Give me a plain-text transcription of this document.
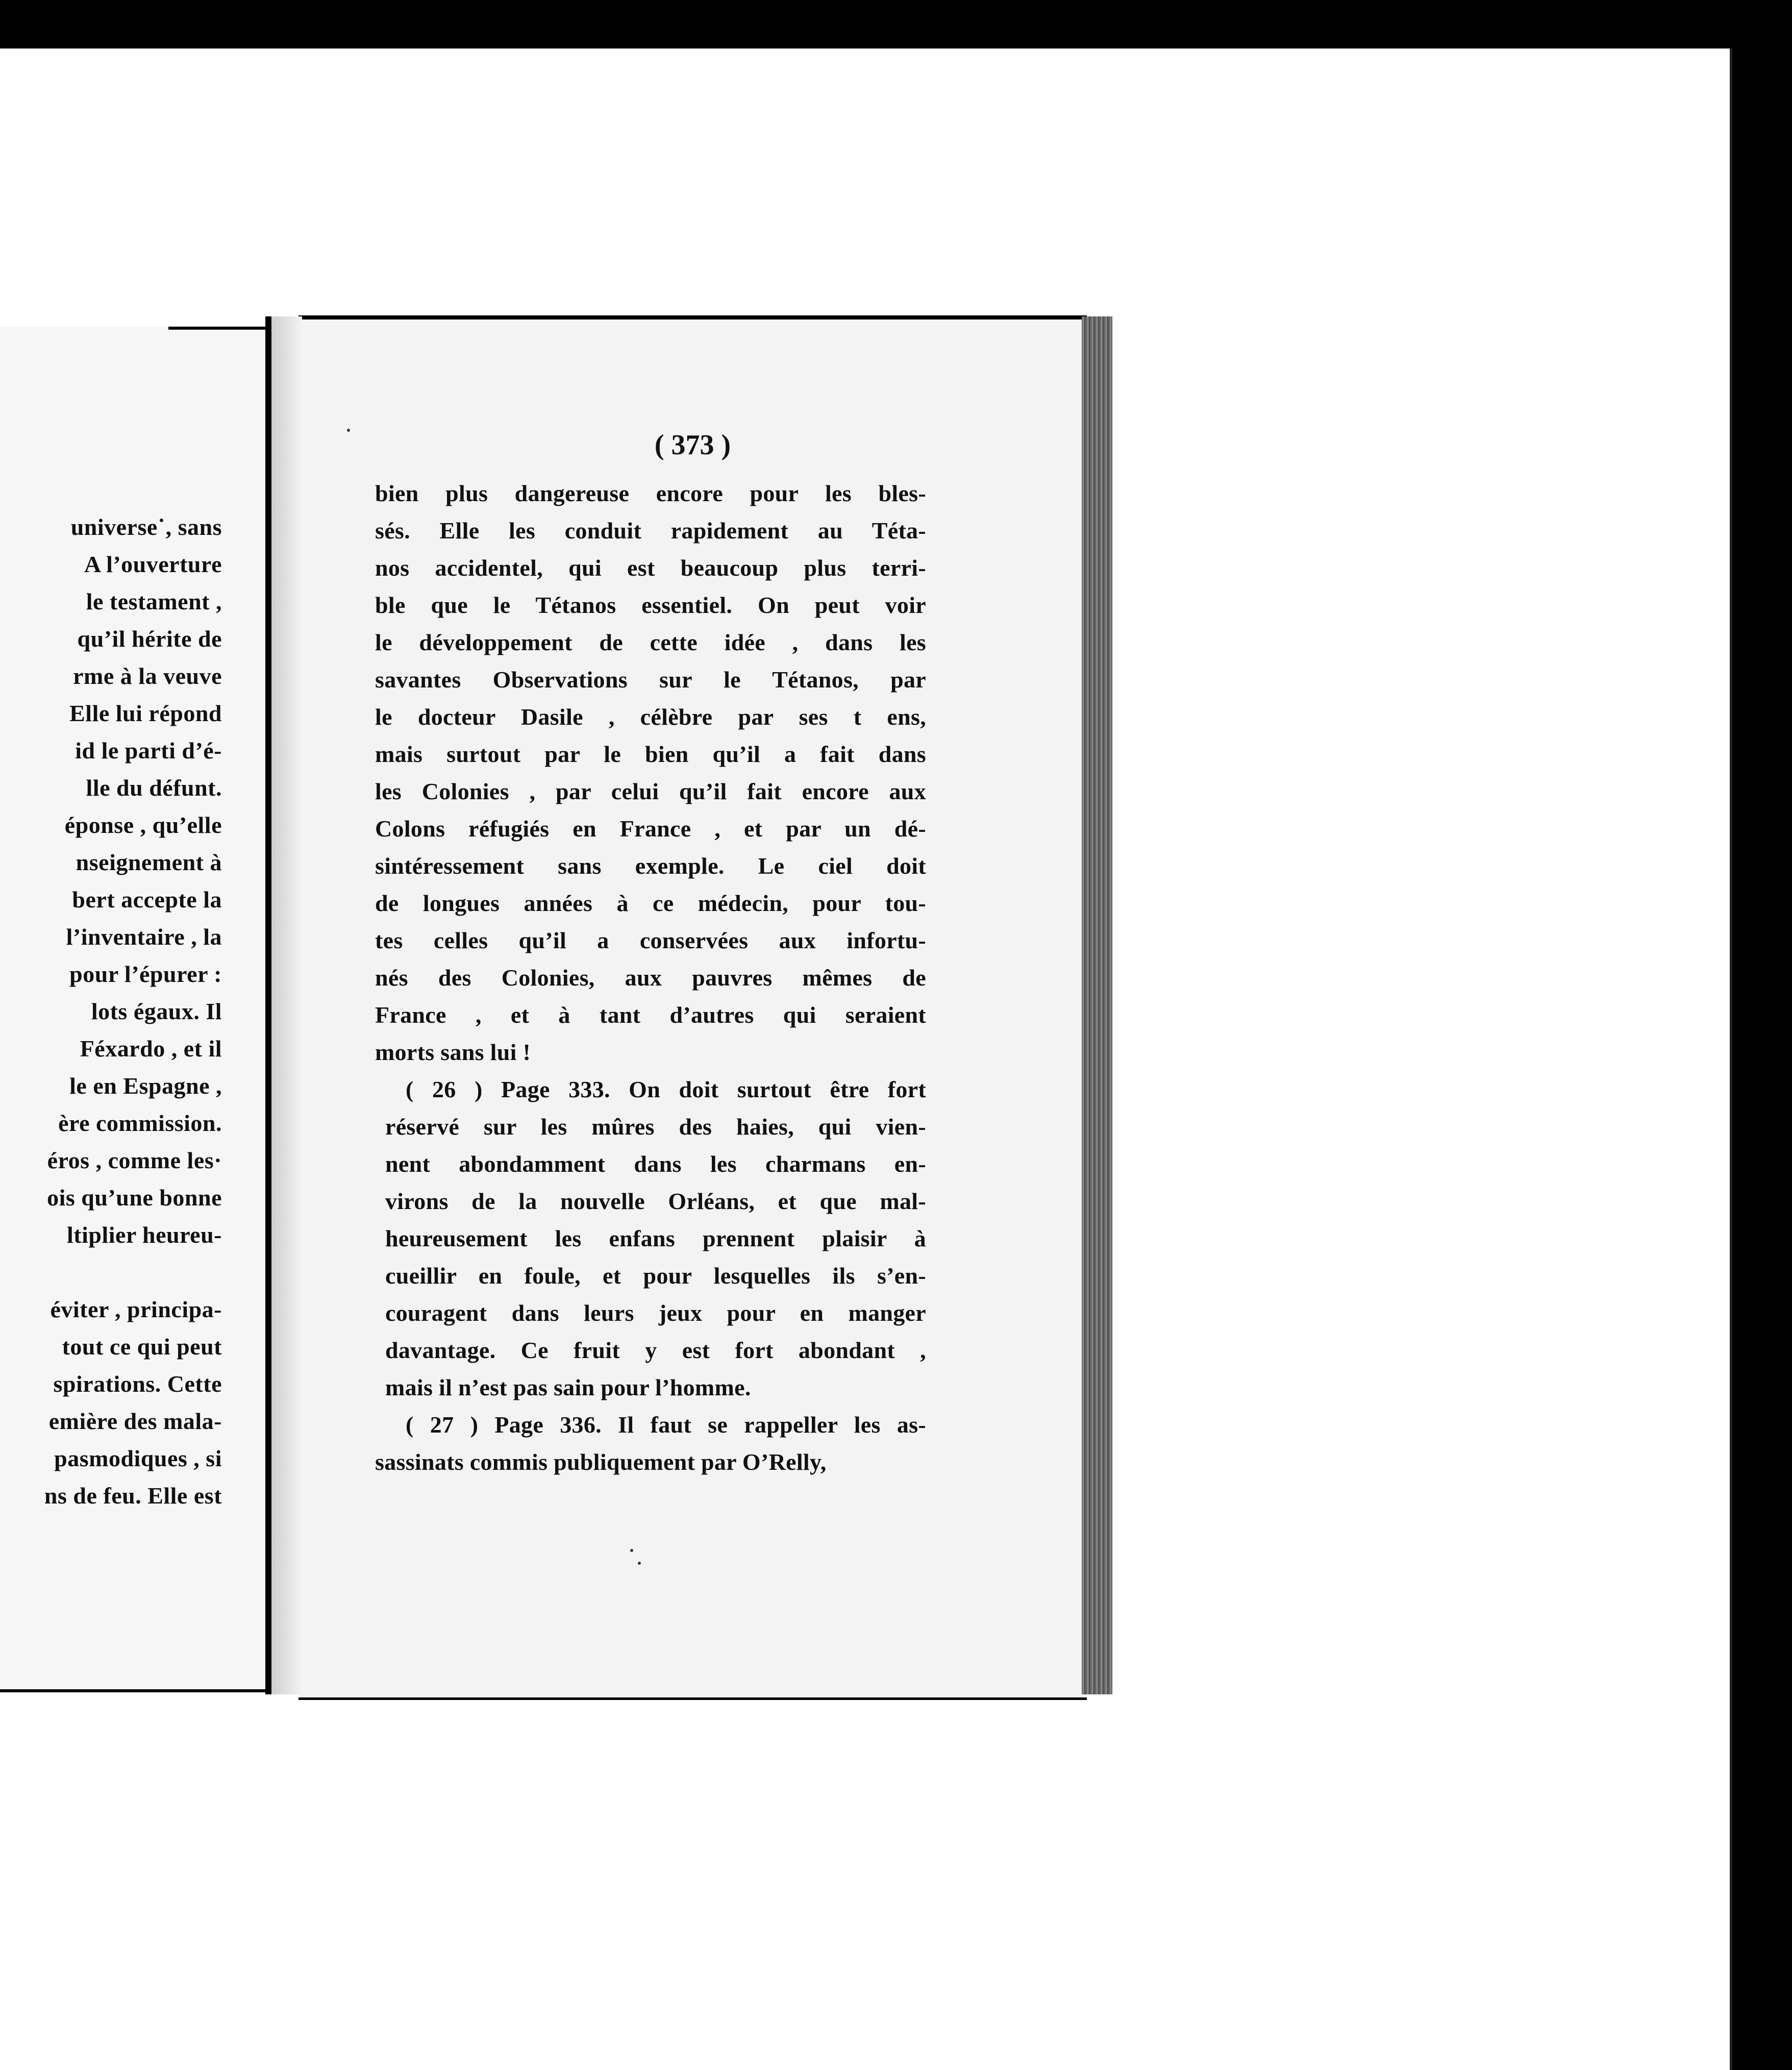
universe˙, sans
A l’ouverture
le testament ,
qu’il hérite de
rme à la veuve
Elle lui répond
id le parti d’é-
lle du défunt.
éponse , qu’elle
nseignement à
bert accepte la
l’inventaire , la
pour l’épurer :
lots égaux. Il
Féxardo , et il
le en Espagne ,
ère commission.
éros , comme les·
ois qu’une bonne
ltiplier heureu-
éviter , principa-
tout ce qui peut
spirations. Cette
emière des mala-
pasmodiques , si
ns de feu. Elle est
( 373 )
bien plus dangereuse encore pour les bles-
sés. Elle les conduit rapidement au Téta-
nos accidentel, qui est beaucoup plus terri-
ble que le Tétanos essentiel. On peut voir
le développement de cette idée , dans les
savantes Observations sur le Tétanos, par
le docteur Dasile , célèbre par ses t ens,
mais surtout par le bien qu’il a fait dans
les Colonies , par celui qu’il fait encore aux
Colons réfugiés en France , et par un dé-
sintéressement sans exemple. Le ciel doit
de longues années à ce médecin, pour tou-
tes celles qu’il a conservées aux infortu-
nés des Colonies, aux pauvres mêmes de
France , et à tant d’autres qui seraient
morts sans lui !
( 26 ) Page 333. On doit surtout être fort
réservé sur les mûres des haies, qui vien-
nent abondamment dans les charmans en-
virons de la nouvelle Orléans, et que mal-
heureusement les enfans prennent plaisir à
cueillir en foule, et pour lesquelles ils s’en-
couragent dans leurs jeux pour en manger
davantage. Ce fruit y est fort abondant ,
mais il n’est pas sain pour l’homme.
( 27 ) Page 336. Il faut se rappeller les as-
sassinats commis publiquement par O’Relly,
